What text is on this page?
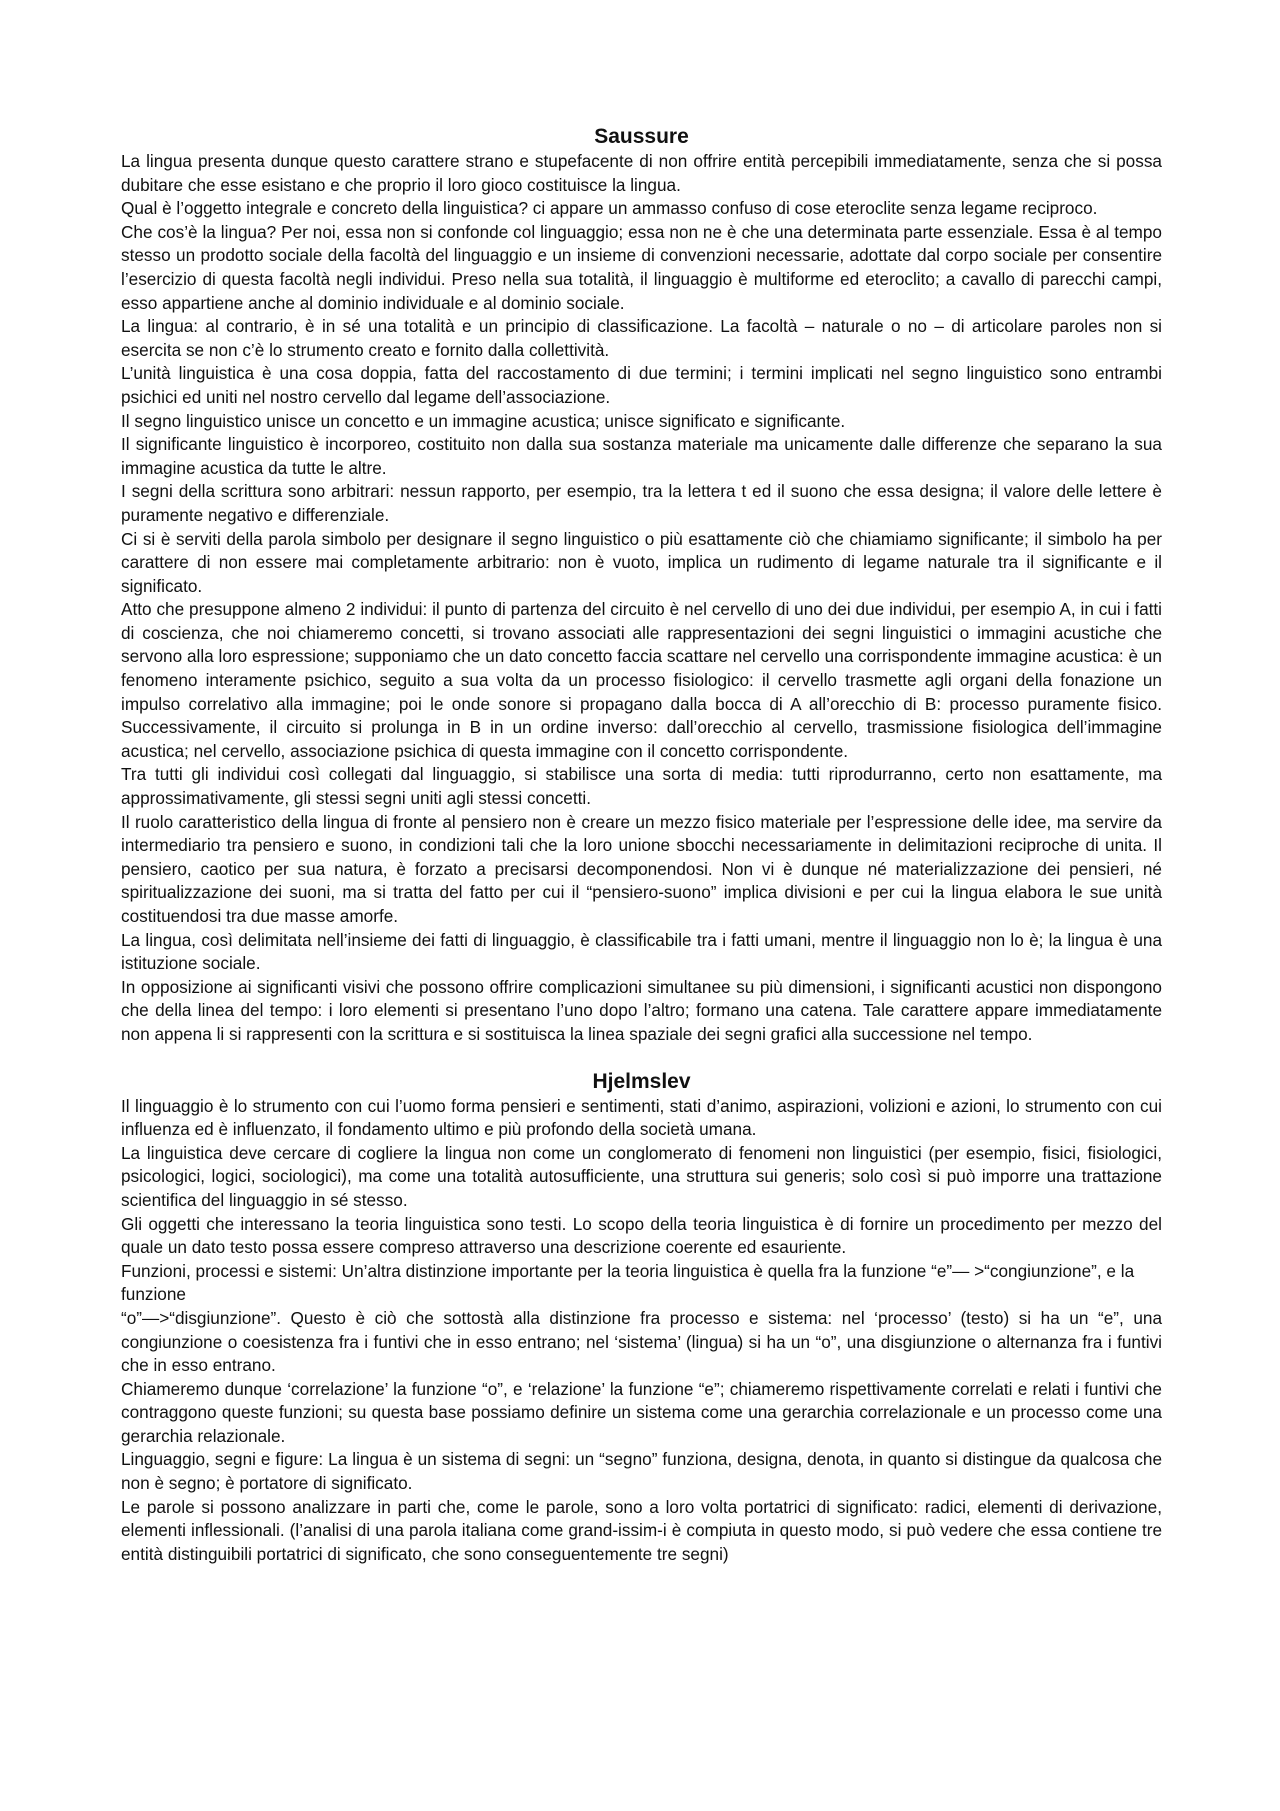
Saussure

La lingua presenta dunque questo carattere strano e stupefacente di non offrire entità percepibili immediatamente, senza che si possa dubitare che esse esistano e che proprio il loro gioco costituisce la lingua.

Qual è l’oggetto integrale e concreto della linguistica? ci appare un ammasso confuso di cose eteroclite senza legame reciproco.

Che cos’è la lingua? Per noi, essa non si confonde col linguaggio; essa non ne è che una determinata parte essenziale. Essa è al tempo stesso un prodotto sociale della facoltà del linguaggio e un insieme di convenzioni necessarie, adottate dal corpo sociale per consentire l’esercizio di questa facoltà negli individui. Preso nella sua totalità, il linguaggio è multiforme ed eteroclito; a cavallo di parecchi campi, esso appartiene anche al dominio individuale e al dominio sociale.

La lingua: al contrario, è in sé una totalità e un principio di classificazione. La facoltà – naturale o no – di articolare paroles non si esercita se non c’è lo strumento creato e fornito dalla collettività.

L’unità linguistica è una cosa doppia, fatta del raccostamento di due termini; i termini implicati nel segno linguistico sono entrambi psichici ed uniti nel nostro cervello dal legame dell’associazione.

Il segno linguistico unisce un concetto e un immagine acustica; unisce significato e significante.

Il significante linguistico è incorporeo, costituito non dalla sua sostanza materiale ma unicamente dalle differenze che separano la sua immagine acustica da tutte le altre.

I segni della scrittura sono arbitrari: nessun rapporto, per esempio, tra la lettera t ed il suono che essa designa; il valore delle lettere è puramente negativo e differenziale.

Ci si è serviti della parola simbolo per designare il segno linguistico o più esattamente ciò che chiamiamo significante; il simbolo ha per carattere di non essere mai completamente arbitrario: non è vuoto, implica un rudimento di legame naturale tra il significante e il significato.

Atto che presuppone almeno 2 individui: il punto di partenza del circuito è nel cervello di uno dei due individui, per esempio A, in cui i fatti di coscienza, che noi chiameremo concetti, si trovano associati alle rappresentazioni dei segni linguistici o immagini acustiche che servono alla loro espressione; supponiamo che un dato concetto faccia scattare nel cervello una corrispondente immagine acustica: è un fenomeno interamente psichico, seguito a sua volta da un processo fisiologico: il cervello trasmette agli organi della fonazione un impulso correlativo alla immagine; poi le onde sonore si propagano dalla bocca di A all’orecchio di B: processo puramente fisico. Successivamente, il circuito si prolunga in B in un ordine inverso: dall’orecchio al cervello, trasmissione fisiologica dell’immagine acustica; nel cervello, associazione psichica di questa immagine con il concetto corrispondente.

Tra tutti gli individui così collegati dal linguaggio, si stabilisce una sorta di media: tutti riprodurranno, certo non esattamente, ma approssimativamente, gli stessi segni uniti agli stessi concetti.

Il ruolo caratteristico della lingua di fronte al pensiero non è creare un mezzo fisico materiale per l’espressione delle idee, ma servire da intermediario tra pensiero e suono, in condizioni tali che la loro unione sbocchi necessariamente in delimitazioni reciproche di unita. Il pensiero, caotico per sua natura, è forzato a precisarsi decomponendosi. Non vi è dunque né materializzazione dei pensieri, né spiritualizzazione dei suoni, ma si tratta del fatto per cui il “pensiero-suono” implica divisioni e per cui la lingua elabora le sue unità costituendosi tra due masse amorfe.

La lingua, così delimitata nell’insieme dei fatti di linguaggio, è classificabile tra i fatti umani, mentre il linguaggio non lo è; la lingua è una istituzione sociale.

In opposizione ai significanti visivi che possono offrire complicazioni simultanee su più dimensioni, i significanti acustici non dispongono che della linea del tempo: i loro elementi si presentano l’uno dopo l’altro; formano una catena. Tale carattere appare immediatamente non appena li si rappresenti con la scrittura e si sostituisca la linea spaziale dei segni grafici alla successione nel tempo.

Hjelmslev

Il linguaggio è lo strumento con cui l’uomo forma pensieri e sentimenti, stati d’animo, aspirazioni, volizioni e azioni, lo strumento con cui influenza ed è influenzato, il fondamento ultimo e più profondo della società umana.

La linguistica deve cercare di cogliere la lingua non come un conglomerato di fenomeni non linguistici (per esempio, fisici, fisiologici, psicologici, logici, sociologici), ma come una totalità autosufficiente, una struttura sui generis; solo così si può imporre una trattazione scientifica del linguaggio in sé stesso.

Gli oggetti che interessano la teoria linguistica sono testi. Lo scopo della teoria linguistica è di fornire un procedimento per mezzo del quale un dato testo possa essere compreso attraverso una descrizione coerente ed esauriente.

Funzioni, processi e sistemi: Un’altra distinzione importante per la teoria linguistica è quella fra la funzione “e”— >“congiunzione”, e la funzione

“o”—>“disgiunzione”. Questo è ciò che sottostà alla distinzione fra processo e sistema: nel ‘processo’ (testo) si ha un “e”, una congiunzione o coesistenza fra i funtivi che in esso entrano; nel ‘sistema’ (lingua) si ha un “o”, una disgiunzione o alternanza fra i funtivi che in esso entrano.

Chiameremo dunque ‘correlazione’ la funzione “o”, e ‘relazione’ la funzione “e”; chiameremo rispettivamente correlati e relati i funtivi che contraggono queste funzioni; su questa base possiamo definire un sistema come una gerarchia correlazionale e un processo come una gerarchia relazionale.

Linguaggio, segni e figure: La lingua è un sistema di segni: un “segno” funziona, designa, denota, in quanto si distingue da qualcosa che non è segno; è portatore di significato.

Le parole si possono analizzare in parti che, come le parole, sono a loro volta portatrici di significato: radici, elementi di derivazione, elementi inflessionali. (l’analisi di una parola italiana come grand-issim-i è compiuta in questo modo, si può vedere che essa contiene tre entità distinguibili portatrici di significato, che sono conseguentemente tre segni)
